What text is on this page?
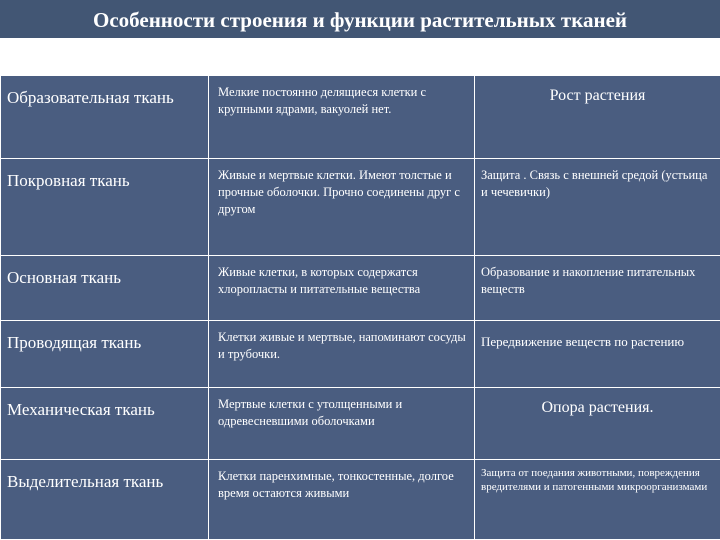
Особенности строения и функции растительных тканей
Тип ткани	Строение	Функции
Образовательная ткань	Мелкие постоянно делящиеся клетки с крупными ядрами, вакуолей нет.	Рост растения
Покровная ткань	Живые и мертвые клетки. Имеют толстые и прочные оболочки. Прочно соединены друг с другом	Защита . Связь с внешней средой (устьица и чечевички)
Основная ткань	Живые клетки, в которых содержатся хлоропласты и питательные вещества	Образование и накопление питательных веществ
Проводящая ткань	Клетки живые и мертвые, напоминают сосуды и трубочки.	Передвижение веществ по растению
Механическая ткань	Мертвые клетки с утолщенными и одревесневшими оболочками	Опора растения.
Выделительная ткань	Клетки паренхимные, тонкостенные, долгое время остаются живыми	Защита от поедания животными, повреждения вредителями и патогенными микроорганизмами
